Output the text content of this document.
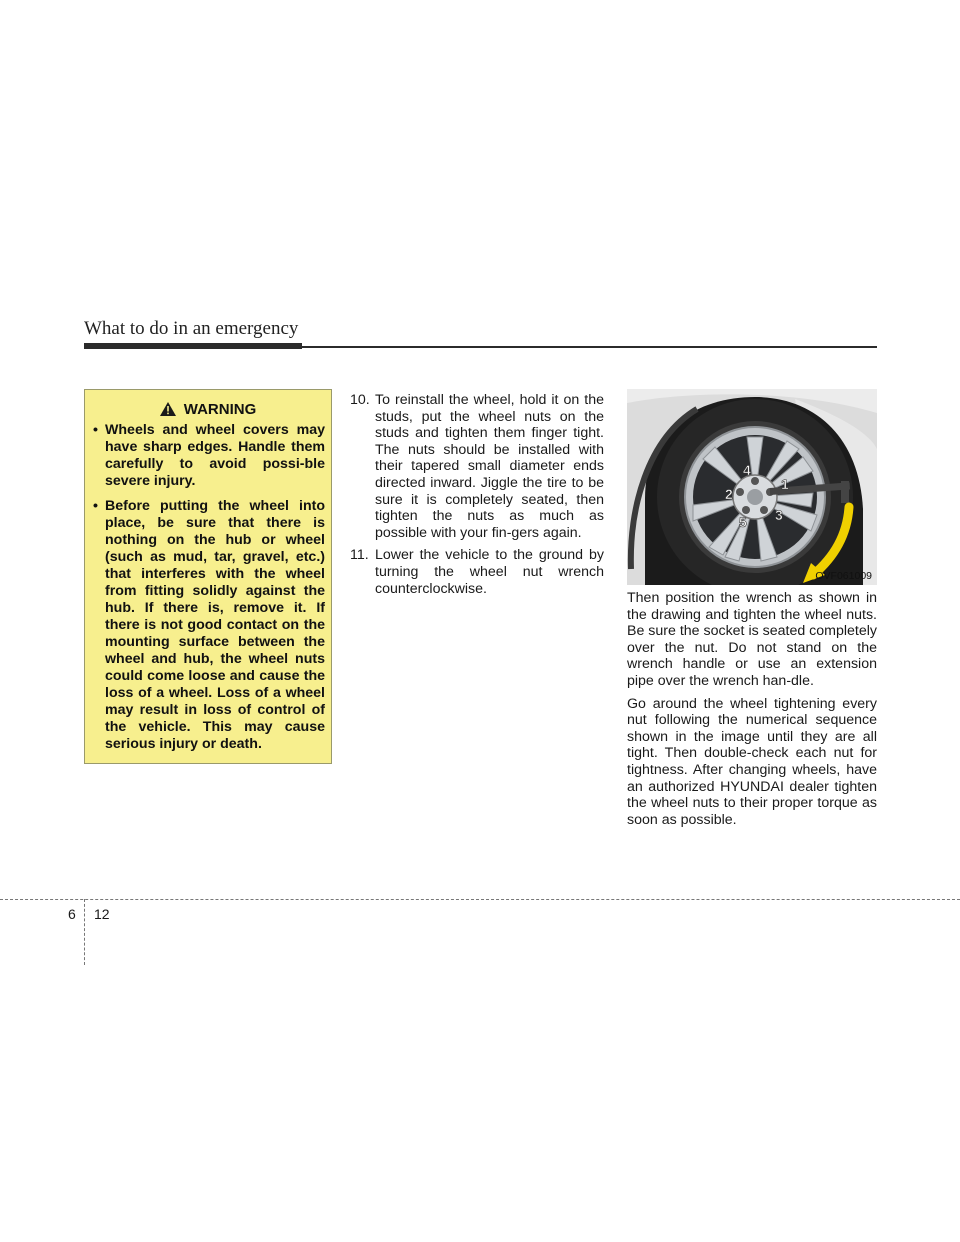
What to do in an emergency
WARNING
• Wheels and wheel covers may have sharp edges. Handle them carefully to avoid possi-ble severe injury.
• Before putting the wheel into place, be sure that there is nothing on the hub or wheel (such as mud, tar, gravel, etc.) that interferes with the wheel from fitting solidly against the hub. If there is, remove it. If there is not good contact on the mounting surface between the wheel and hub, the wheel nuts could come loose and cause the loss of a wheel. Loss of a wheel may result in loss of control of the vehicle. This may cause serious injury or death.
10. To reinstall the wheel, hold it on the studs, put the wheel nuts on the studs and tighten them finger tight. The nuts should be installed with their tapered small diameter ends directed inward. Jiggle the tire to be sure it is completely seated, then tighten the nuts as much as possible with your fin-gers again.
11. Lower the vehicle to the ground by turning the wheel nut wrench counterclockwise.
1
2
3
4
5
OVF061009

Then position the wrench as shown in the drawing and tighten the wheel nuts. Be sure the socket is seated completely over the nut. Do not stand on the wrench handle or use an extension pipe over the wrench han-dle.

Go around the wheel tightening every nut following the numerical sequence shown in the image until they are all tight. Then double-check each nut for tightness. After changing wheels, have an authorized HYUNDAI dealer tighten the wheel nuts to their proper torque as soon as possible.

6 12
